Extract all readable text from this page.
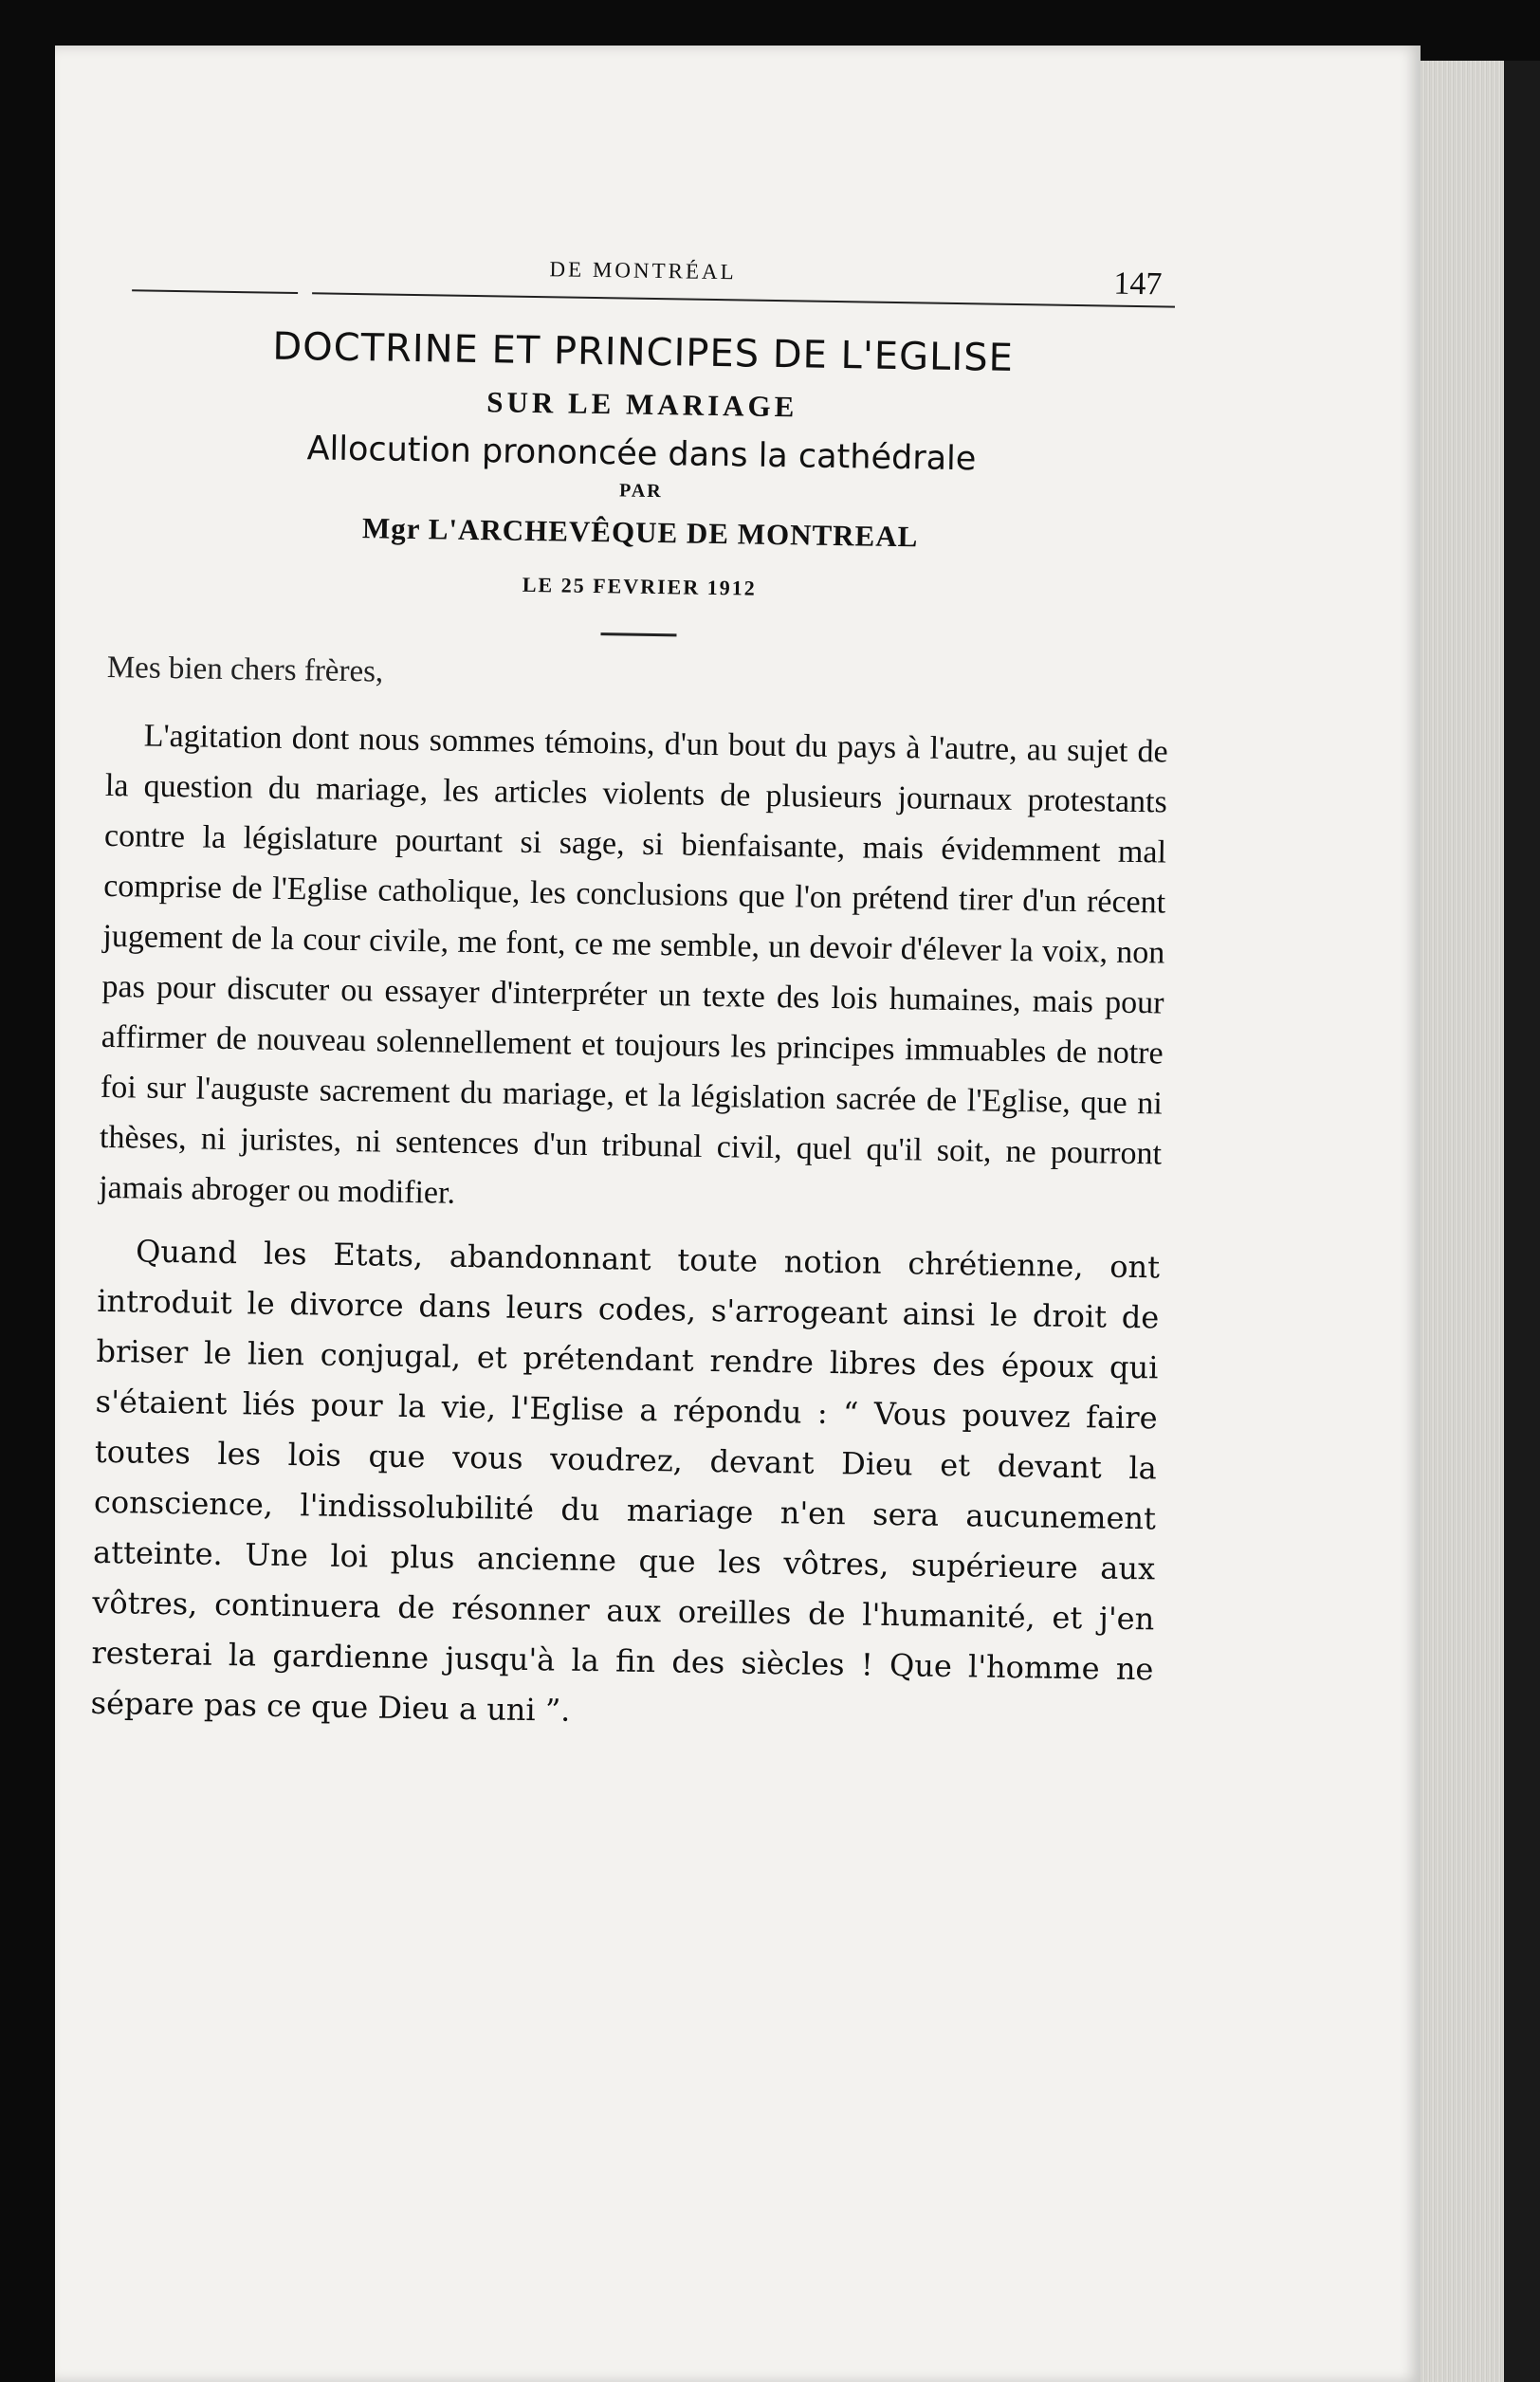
DE MONTRÉAL	147
DOCTRINE ET PRINCIPES DE L'EGLISE
SUR LE MARIAGE
Allocution prononcée dans la cathédrale
PAR
Mgr L'ARCHEVÊQUE DE MONTREAL
LE 25 FEVRIER 1912
Mes bien chers frères,

L'agitation dont nous sommes témoins, d'un bout du pays à l'autre, au sujet de la question du mariage, les articles violents de plusieurs journaux protestants contre la législature pourtant si sage, si bienfaisante, mais évidemment mal comprise de l'Eglise catholique, les conclusions que l'on prétend tirer d'un récent jugement de la cour civile, me font, ce me semble, un devoir d'élever la voix, non pas pour discuter ou essayer d'interpréter un texte des lois humaines, mais pour affirmer de nouveau solennellement et toujours les principes immuables de notre foi sur l'auguste sacrement du mariage, et la législation sacrée de l'Eglise, que ni thèses, ni juristes, ni sentences d'un tribunal civil, quel qu'il soit, ne pourront jamais abroger ou modifier.

Quand les Etats, abandonnant toute notion chrétienne, ont introduit le divorce dans leurs codes, s'arrogeant ainsi le droit de briser le lien conjugal, et prétendant rendre libres des époux qui s'étaient liés pour la vie, l'Eglise a répondu : “ Vous pouvez faire toutes les lois que vous voudrez, devant Dieu et devant la conscience, l'indissolubilité du mariage n'en sera aucunement atteinte. Une loi plus ancienne que les vôtres, supérieure aux vôtres, continuera de résonner aux oreilles de l'humanité, et j'en resterai la gardienne jusqu'à la fin des siècles ! Que l'homme ne sépare pas ce que Dieu a uni ”.
